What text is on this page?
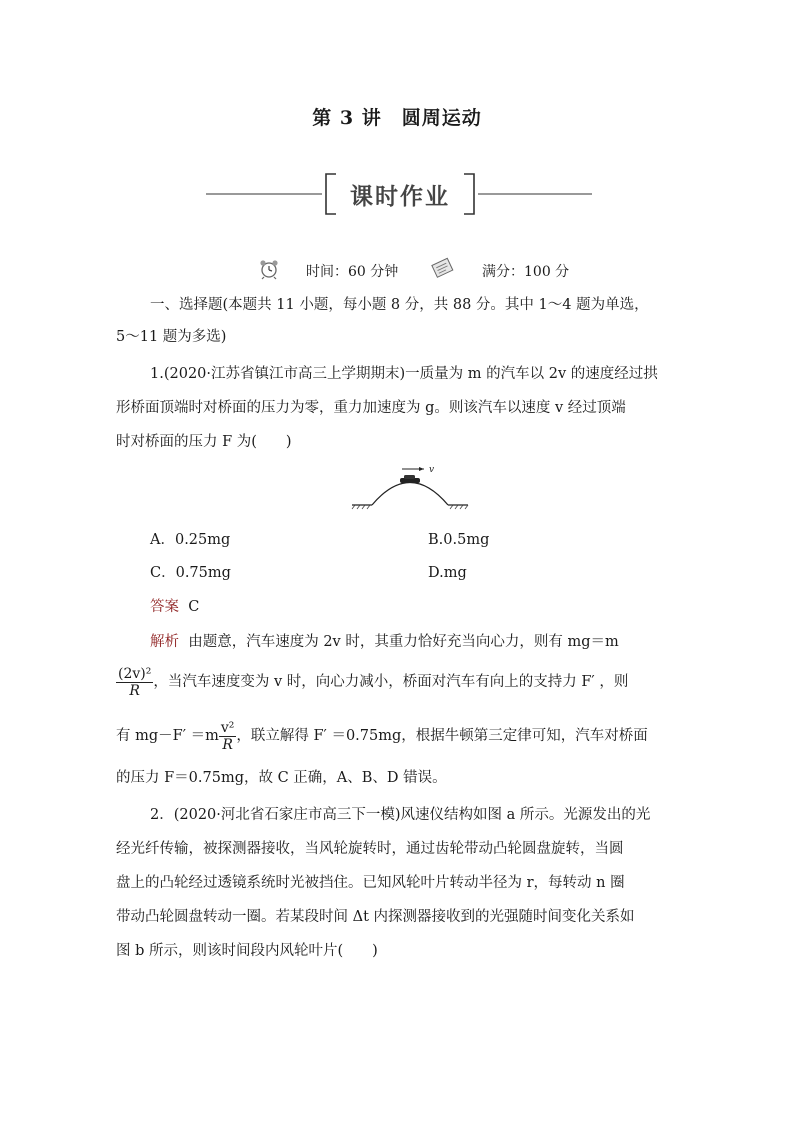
第 3 讲 圆周运动
课时作业
时间：60 分钟	满分：100 分
一、选择题(本题共 11 小题，每小题 8 分，共 88 分。其中 1～4 题为单选，
5～11 题为多选)
1.(2020·江苏省镇江市高三上学期期末)一质量为 m 的汽车以 2v 的速度经过拱
形桥面顶端时对桥面的压力为零，重力加速度为 g。则该汽车以速度 v 经过顶端
时对桥面的压力 F 为(　　)
v
A．0.25mg	B.0.5mg
C．0.75mg	D.mg
答案 C
解析 由题意，汽车速度为 2v 时，其重力恰好充当向心力，则有 mg＝m
$\frac{\text{(2v)²}}{R}$ ，当汽车速度变为 v 时，向心力减小，桥面对汽车有向上的支持力 F′ ，则
有 $mg-F' =m \frac{\text{v²}}{R}$ ，联立解得 F′ ＝0.75mg，根据牛顿第三定律可知，汽车对桥面
的压力 F＝0.75mg，故 C 正确，A、B、D 错误。
2．(2020·河北省石家庄市高三下一模)风速仪结构如图 a 所示。光源发出的光
经光纤传输，被探测器接收，当风轮旋转时，通过齿轮带动凸轮圆盘旋转，当圆
盘上的凸轮经过透镜系统时光被挡住。已知风轮叶片转动半径为 r，每转动 n 圈
带动凸轮圆盘转动一圈。若某段时间 Δt 内探测器接收到的光强随时间变化关系如
图 b 所示，则该时间段内风轮叶片(　　)
